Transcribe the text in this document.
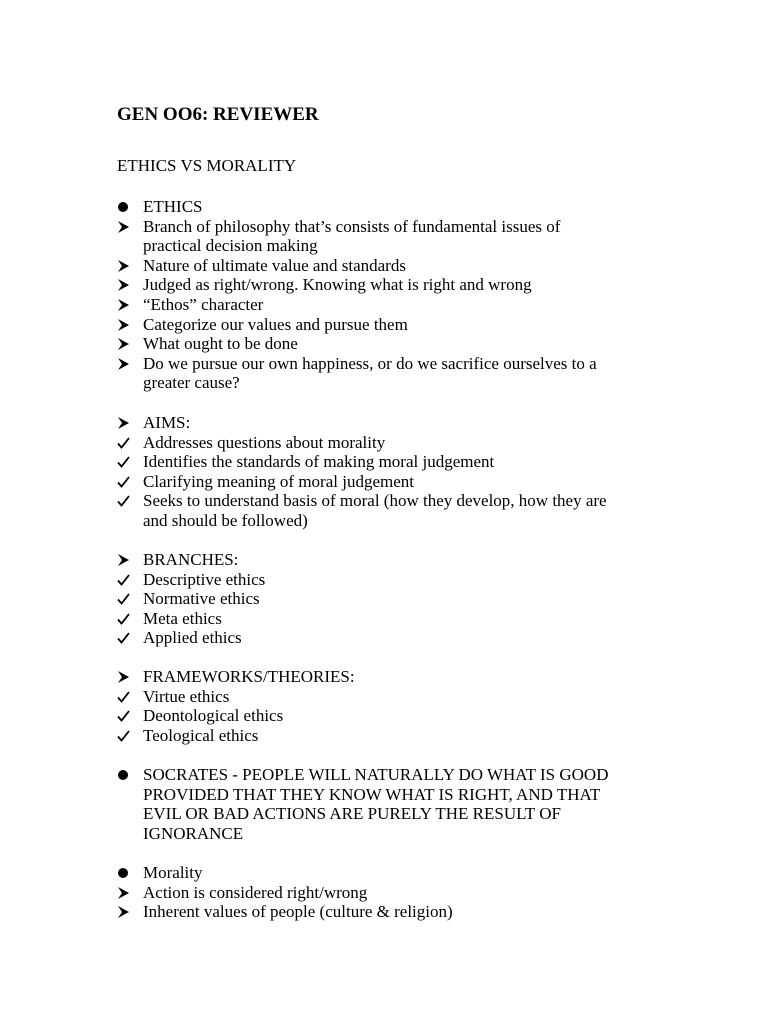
GEN OO6: REVIEWER
ETHICS VS MORALITY
ETHICS
Branch of philosophy that’s consists of fundamental issues of
practical decision making
Nature of ultimate value and standards
Judged as right/wrong. Knowing what is right and wrong
“Ethos” character
Categorize our values and pursue them
What ought to be done
Do we pursue our own happiness, or do we sacrifice ourselves to a
greater cause?
AIMS:
Addresses questions about morality
Identifies the standards of making moral judgement
Clarifying meaning of moral judgement
Seeks to understand basis of moral (how they develop, how they are
and should be followed)
BRANCHES:
Descriptive ethics
Normative ethics
Meta ethics
Applied ethics
FRAMEWORKS/THEORIES:
Virtue ethics
Deontological ethics
Teological ethics
SOCRATES - PEOPLE WILL NATURALLY DO WHAT IS GOOD
PROVIDED THAT THEY KNOW WHAT IS RIGHT, AND THAT
EVIL OR BAD ACTIONS ARE PURELY THE RESULT OF
IGNORANCE
Morality
Action is considered right/wrong
Inherent values of people (culture & religion)
